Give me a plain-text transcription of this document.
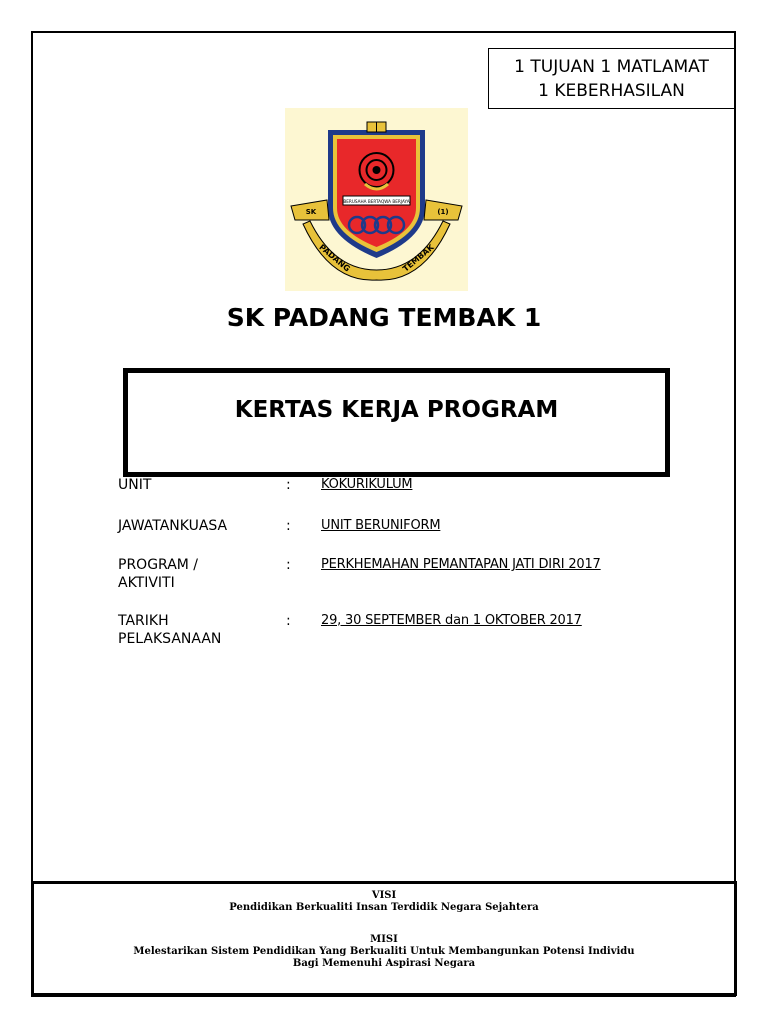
1 TUJUAN 1 MATLAMAT
1 KEBERHASILAN
BERUSAHA BERTAQWA BERJAYA
SK	(1)
PADANG	TEMBAK
SK PADANG TEMBAK 1
KERTAS KERJA PROGRAM
UNIT	: KOKURIKULUM
JAWATANKUASA	: UNIT BERUNIFORM
PROGRAM /
AKTIVITI
: PERKHEMAHAN PEMANTAPAN JATI DIRI 2017
TARIKH
PELAKSANAAN
: 29, 30 SEPTEMBER dan 1 OKTOBER 2017
VISI
Pendidikan Berkualiti Insan Terdidik Negara Sejahtera
MISI
Melestarikan Sistem Pendidikan Yang Berkualiti Untuk Membangunkan Potensi Individu
Bagi Memenuhi Aspirasi Negara
